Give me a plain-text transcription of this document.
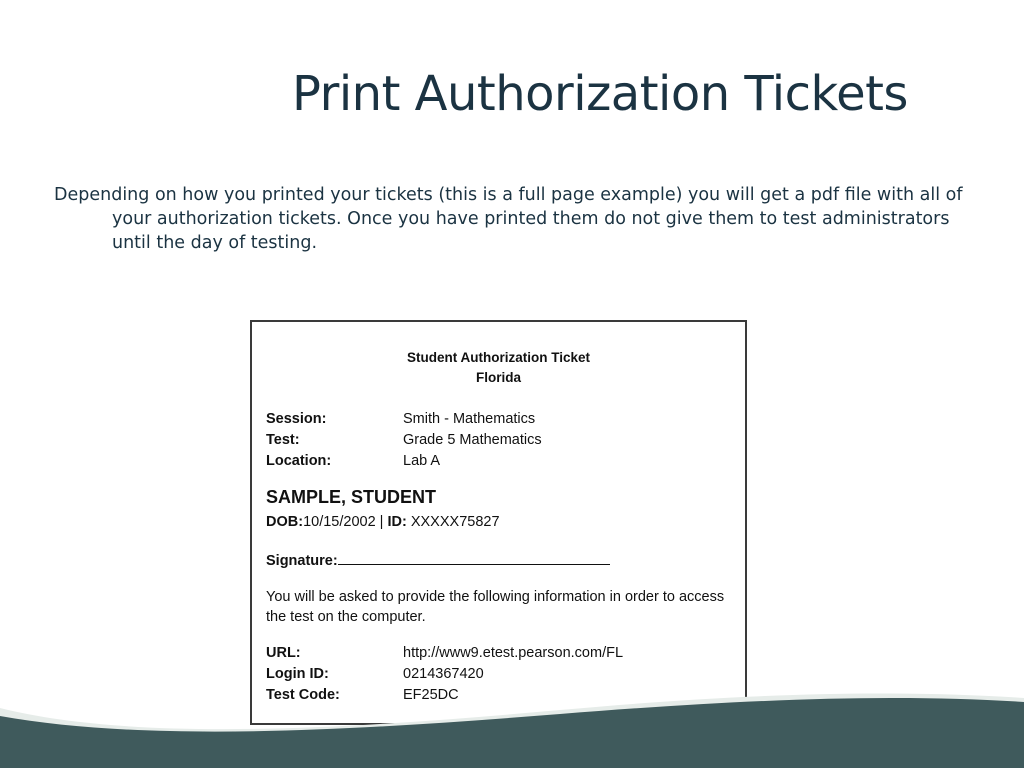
Print Authorization Tickets
Depending on how you printed your tickets (this is a full page example) you will get a pdf file with all of your authorization tickets. Once you have printed them do not give them to test administrators until the day of testing.
Student Authorization Ticket
Florida
Session:	Smith - Mathematics
Test:	Grade 5 Mathematics
Location:	Lab A
SAMPLE, STUDENT
DOB:10/15/2002 | ID: XXXXX75827
Signature:
You will be asked to provide the following information in order to access the test on the computer.
URL:	http://www9.etest.pearson.com/FL
Login ID:	0214367420
Test Code:	EF25DC
